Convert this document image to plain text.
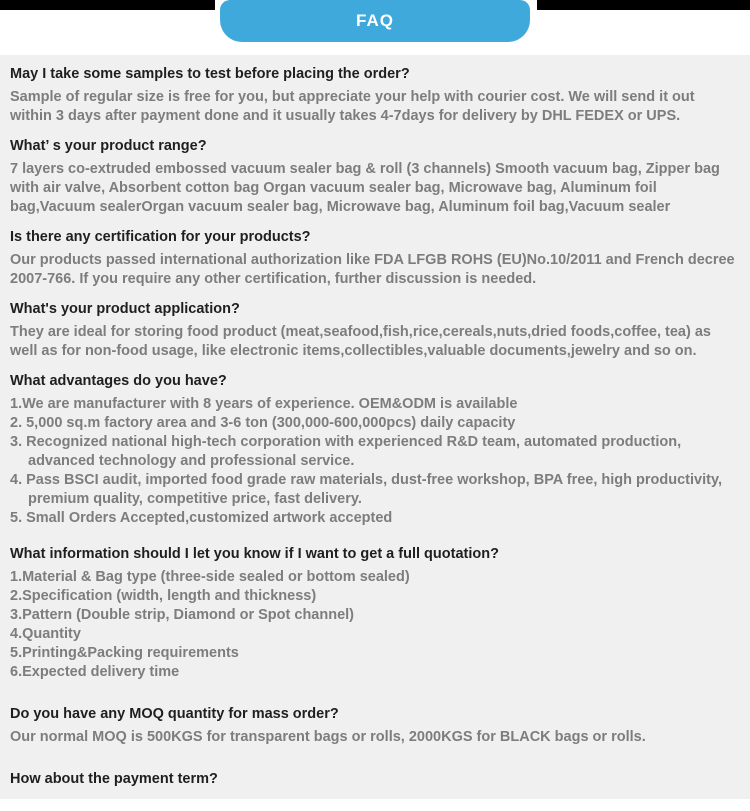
FAQ
May I take some samples to test before placing the order?

Sample of regular size is free for you, but appreciate your help with courier cost. We will send it out within 3 days after payment done and it usually takes 4-7days for delivery by DHL FEDEX or UPS.

What’ s your product range?

7 layers co-extruded embossed vacuum sealer bag & roll (3 channels) Smooth vacuum bag, Zipper bag with air valve, Absorbent cotton bag Organ vacuum sealer bag, Microwave bag, Aluminum foil bag,Vacuum sealerOrgan vacuum sealer bag, Microwave bag, Aluminum foil bag,Vacuum sealer

Is there any certification for your products?

Our products passed international authorization like FDA LFGB ROHS (EU)No.10/2011 and French decree 2007-766. If you require any other certification, further discussion is needed.

What's your product application?

They are ideal for storing food product (meat,seafood,fish,rice,cereals,nuts,dried foods,coffee, tea) as well as for non-food usage, like electronic items,collectibles,valuable documents,jewelry and so on.

What advantages do you have?

1.We are manufacturer with 8 years of experience. OEM&ODM is available

2. 5,000 sq.m factory area and 3-6 ton (300,000-600,000pcs) daily capacity

3. Recognized national high-tech corporation with experienced R&D team, automated production, advanced technology and professional service.

4. Pass BSCI audit, imported food grade raw materials, dust-free workshop, BPA free, high productivity, premium quality, competitive price, fast delivery.

5. Small Orders Accepted,customized artwork accepted

What information should I let you know if I want to get a full quotation?

1.Material & Bag type (three-side sealed or bottom sealed)

2.Specification (width, length and thickness)

3.Pattern (Double strip, Diamond or Spot channel)

4.Quantity

5.Printing&Packing requirements

6.Expected delivery time

Do you have any MOQ quantity for mass order?

Our normal MOQ is 500KGS for transparent bags or rolls, 2000KGS for BLACK bags or rolls.

How about the payment term?
